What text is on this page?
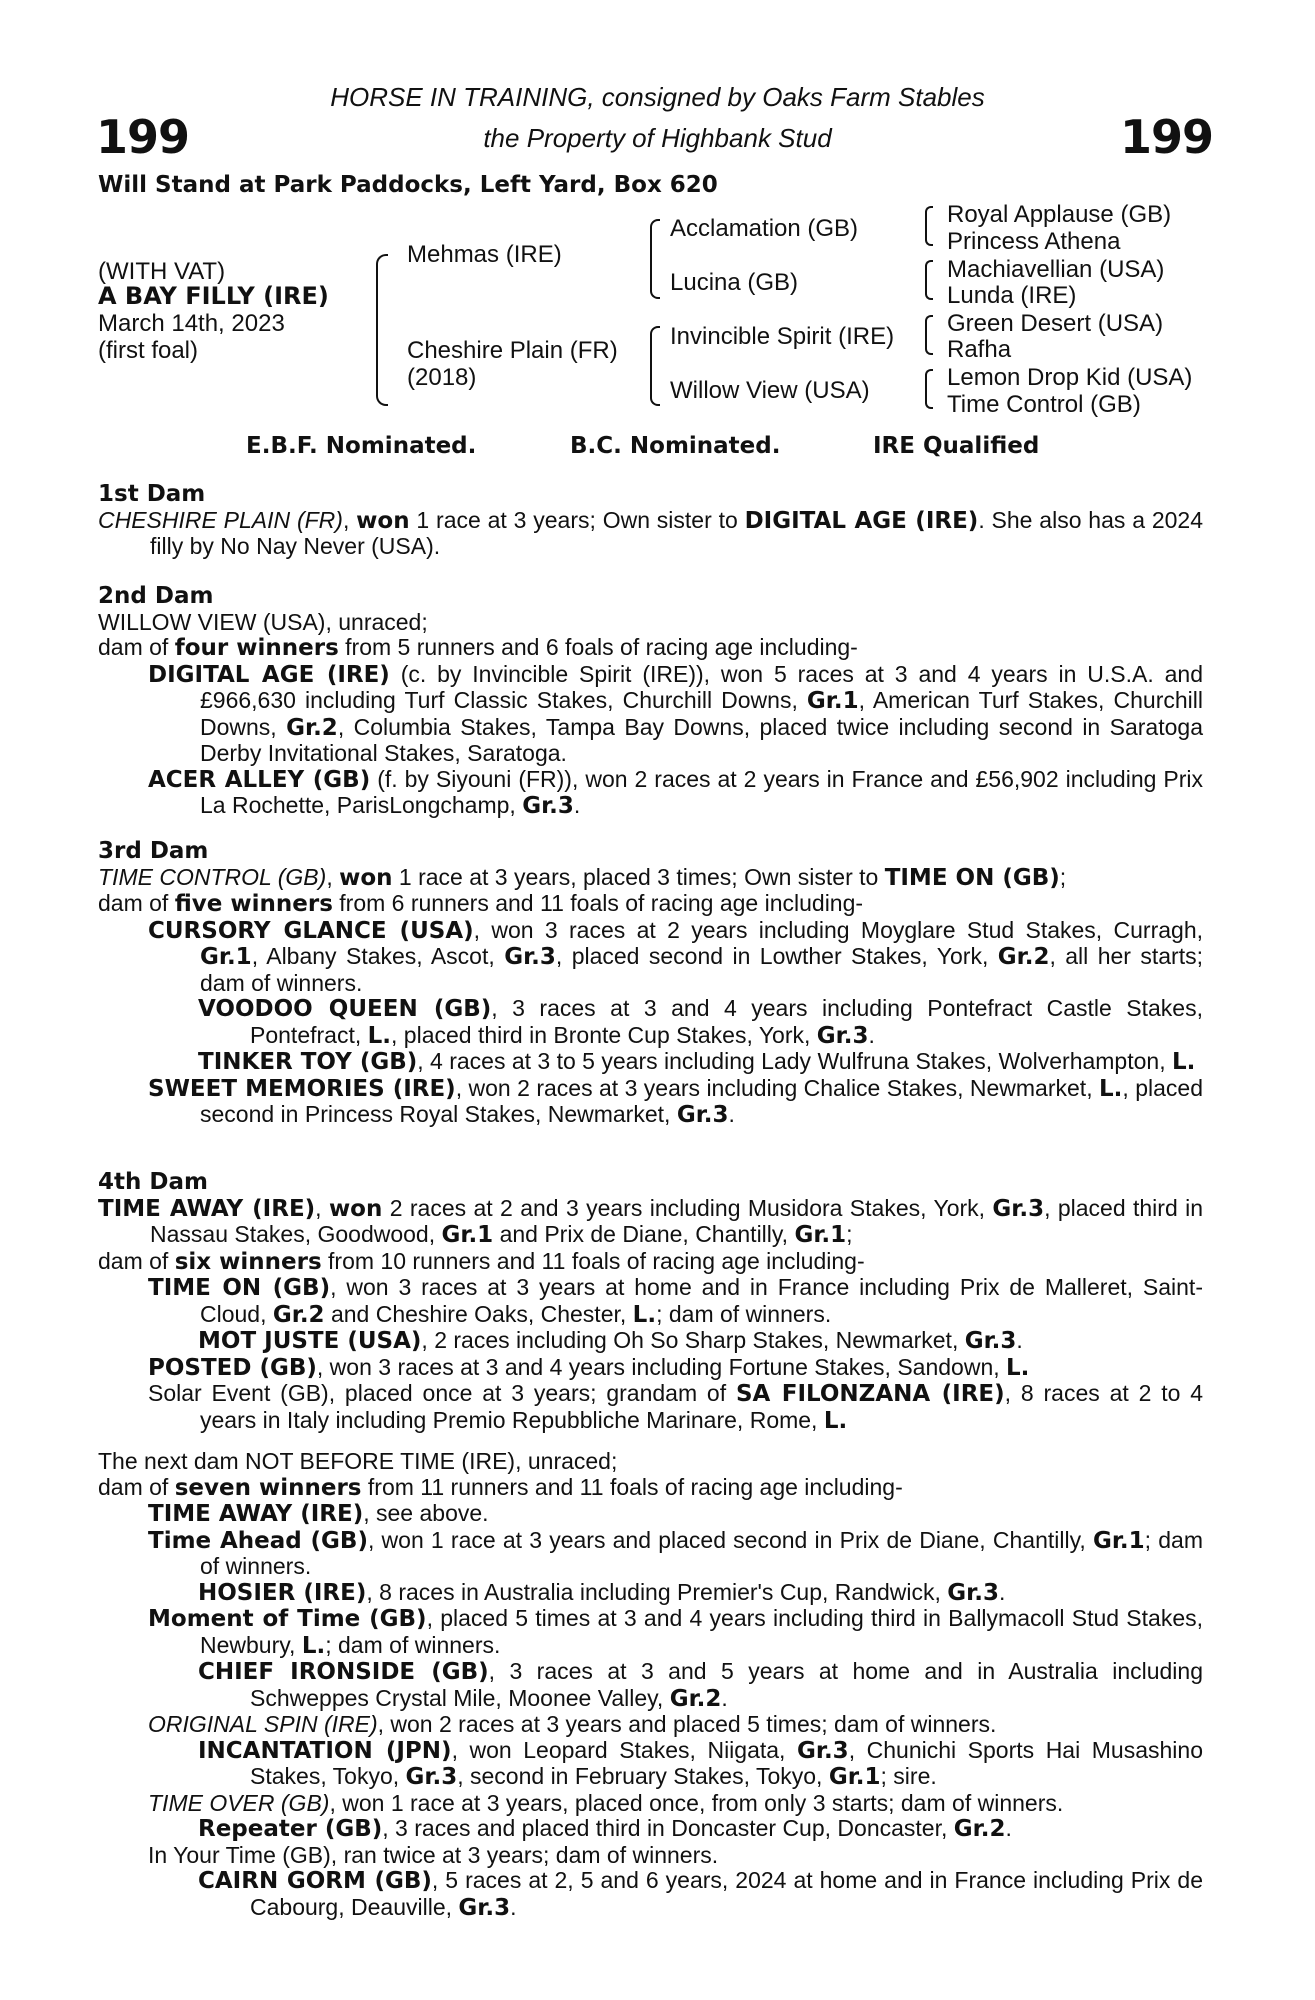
199	199
HORSE IN TRAINING, consigned by Oaks Farm Stables
the Property of Highbank Stud
Will Stand at Park Paddocks, Left Yard, Box 620
(WITH VAT)
A BAY FILLY (IRE)
March 14th, 2023
(first foal)
Mehmas (IRE)
Cheshire Plain (FR)
(2018)
Acclamation (GB)
Lucina (GB)
Invincible Spirit (IRE)
Willow View (USA)
Royal Applause (GB)
Princess Athena
Machiavellian (USA)
Lunda (IRE)
Green Desert (USA)
Rafha
Lemon Drop Kid (USA)
Time Control (GB)
E.B.F. Nominated.	B.C. Nominated.	IRE Qualified

1st Dam

CHESHIRE PLAIN (FR), won 1 race at 3 years; Own sister to DIGITAL AGE (IRE). She also has a 2024 filly by No Nay Never (USA).

2nd Dam

WILLOW VIEW (USA), unraced;

dam of four winners from 5 runners and 6 foals of racing age including-

DIGITAL AGE (IRE) (c. by Invincible Spirit (IRE)), won 5 races at 3 and 4 years in U.S.A. and £966,630 including Turf Classic Stakes, Churchill Downs, Gr.1, American Turf Stakes, Churchill Downs, Gr.2, Columbia Stakes, Tampa Bay Downs, placed twice including second in Saratoga Derby Invitational Stakes, Saratoga.

ACER ALLEY (GB) (f. by Siyouni (FR)), won 2 races at 2 years in France and £56,902 including Prix La Rochette, ParisLongchamp, Gr.3.

3rd Dam

TIME CONTROL (GB), won 1 race at 3 years, placed 3 times; Own sister to TIME ON (GB);

dam of five winners from 6 runners and 11 foals of racing age including-

CURSORY GLANCE (USA), won 3 races at 2 years including Moyglare Stud Stakes, Curragh, Gr.1, Albany Stakes, Ascot, Gr.3, placed second in Lowther Stakes, York, Gr.2, all her starts; dam of winners.

VOODOO QUEEN (GB), 3 races at 3 and 4 years including Pontefract Castle Stakes, Pontefract, L., placed third in Bronte Cup Stakes, York, Gr.3.

TINKER TOY (GB), 4 races at 3 to 5 years including Lady Wulfruna Stakes, Wolverhampton, L.

SWEET MEMORIES (IRE), won 2 races at 3 years including Chalice Stakes, Newmarket, L., placed second in Princess Royal Stakes, Newmarket, Gr.3.

4th Dam

TIME AWAY (IRE), won 2 races at 2 and 3 years including Musidora Stakes, York, Gr.3, placed third in Nassau Stakes, Goodwood, Gr.1 and Prix de Diane, Chantilly, Gr.1;

dam of six winners from 10 runners and 11 foals of racing age including-

TIME ON (GB), won 3 races at 3 years at home and in France including Prix de Malleret, Saint-Cloud, Gr.2 and Cheshire Oaks, Chester, L.; dam of winners.

MOT JUSTE (USA), 2 races including Oh So Sharp Stakes, Newmarket, Gr.3.

POSTED (GB), won 3 races at 3 and 4 years including Fortune Stakes, Sandown, L.

Solar Event (GB), placed once at 3 years; grandam of SA FILONZANA (IRE), 8 races at 2 to 4 years in Italy including Premio Repubbliche Marinare, Rome, L.

The next dam NOT BEFORE TIME (IRE), unraced;

dam of seven winners from 11 runners and 11 foals of racing age including-

TIME AWAY (IRE), see above.

Time Ahead (GB), won 1 race at 3 years and placed second in Prix de Diane, Chantilly, Gr.1; dam of winners.

HOSIER (IRE), 8 races in Australia including Premier's Cup, Randwick, Gr.3.

Moment of Time (GB), placed 5 times at 3 and 4 years including third in Ballymacoll Stud Stakes, Newbury, L.; dam of winners.

CHIEF IRONSIDE (GB), 3 races at 3 and 5 years at home and in Australia including Schweppes Crystal Mile, Moonee Valley, Gr.2.

ORIGINAL SPIN (IRE), won 2 races at 3 years and placed 5 times; dam of winners.

INCANTATION (JPN), won Leopard Stakes, Niigata, Gr.3, Chunichi Sports Hai Musashino Stakes, Tokyo, Gr.3, second in February Stakes, Tokyo, Gr.1; sire.

TIME OVER (GB), won 1 race at 3 years, placed once, from only 3 starts; dam of winners.

Repeater (GB), 3 races and placed third in Doncaster Cup, Doncaster, Gr.2.

In Your Time (GB), ran twice at 3 years; dam of winners.

CAIRN GORM (GB), 5 races at 2, 5 and 6 years, 2024 at home and in France including Prix de Cabourg, Deauville, Gr.3.
